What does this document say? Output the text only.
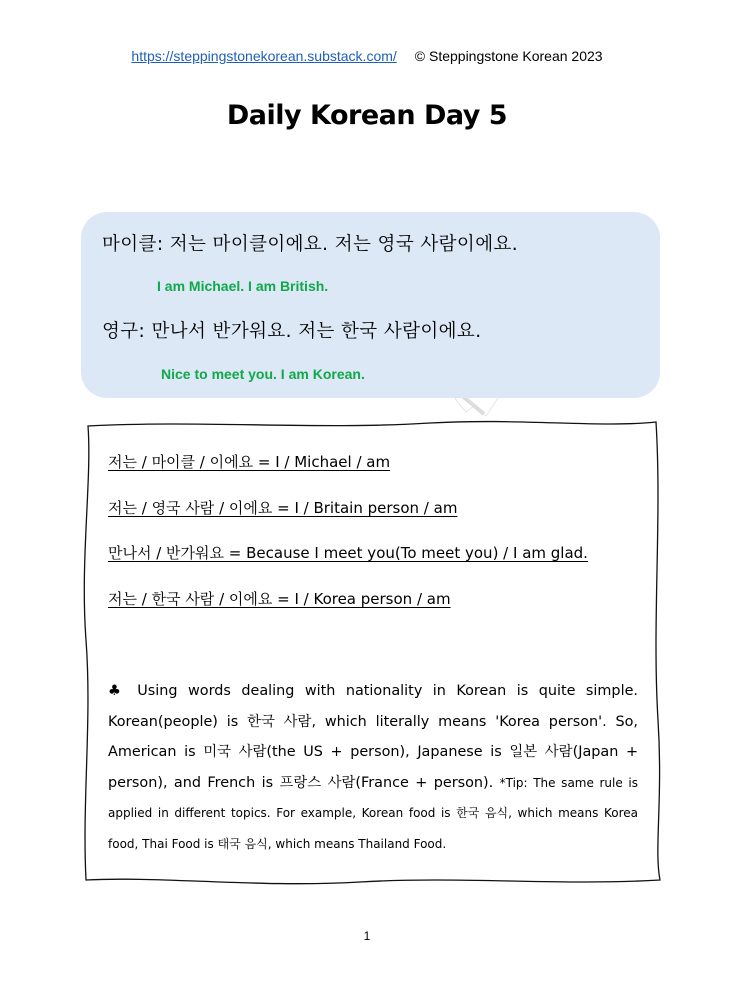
https://steppingstonekorean.substack.com/ © Steppingstone Korean 2023
Daily Korean Day 5
마이클: 저는 마이클이에요. 저는 영국 사람이에요.
I am Michael. I am British.
영구: 만나서 반가워요. 저는 한국 사람이에요.
Nice to meet you. I am Korean.
저는 / 마이클 / 이에요 = I / Michael / am
저는 / 영국 사람 / 이에요 = I / Britain person / am
만나서 / 반가워요 = Because I meet you(To meet you) / I am glad.
저는 / 한국 사람 / 이에요 = I / Korea person / am
♣ Using words dealing with nationality in Korean is quite simple. Korean(people) is 한국 사람, which literally means 'Korea person'. So, American is 미국 사람(the US + person), Japanese is 일본 사람(Japan + person), and French is 프랑스 사람(France + person). *Tip: The same rule is applied in different topics. For example, Korean food is 한국 음식, which means Korea food, Thai Food is 태국 음식, which means Thailand Food.
1
